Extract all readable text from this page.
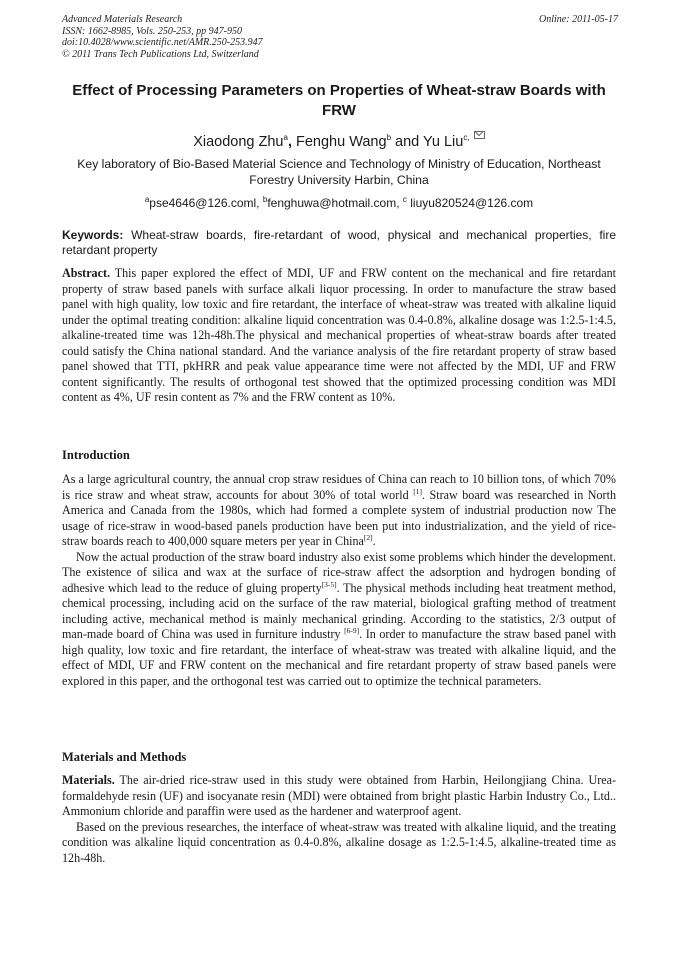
Advanced Materials Research
ISSN: 1662-8985, Vols. 250-253, pp 947-950
doi:10.4028/www.scientific.net/AMR.250-253.947
© 2011 Trans Tech Publications Ltd, Switzerland
Online: 2011-05-17
Effect of Processing Parameters on Properties of Wheat-straw Boards with FRW
Xiaodong Zhu$^a$, Fenghu Wang$^b$ and Yu Liu$^{c,}$
Key laboratory of Bio-Based Material Science and Technology of Ministry of Education, Northeast Forestry University Harbin, China
$^a$pse4646@126.coml, $^b$fenghuwa@hotmail.com, $^c$ liuyu820524@126.com
Keywords: Wheat-straw boards, fire-retardant of wood, physical and mechanical properties, fire retardant property

Abstract. This paper explored the effect of MDI, UF and FRW content on the mechanical and fire retardant property of straw based panels with surface alkali liquor processing. In order to manufacture the straw based panel with high quality, low toxic and fire retardant, the interface of wheat-straw was treated with alkaline liquid under the optimal treating condition: alkaline liquid concentration was 0.4-0.8%, alkaline dosage was 1:2.5-1:4.5, alkaline-treated time was 12h-48h.The physical and mechanical properties of wheat-straw boards after treated could satisfy the China national standard. And the variance analysis of the fire retardant property of straw based panel showed that TTI, pkHRR and peak value appearance time were not affected by the MDI, UF and FRW content significantly. The results of orthogonal test showed that the optimized processing condition was MDI content as 4%, UF resin content as 7% and the FRW content as 10%.

Introduction

As a large agricultural country, the annual crop straw residues of China can reach to 10 billion tons, of which 70% is rice straw and wheat straw, accounts for about 30% of total world [1]. Straw board was researched in North America and Canada from the 1980s, which had formed a complete system of industrial production now The usage of rice-straw in wood-based panels production have been put into industrialization, and the yield of rice-straw boards reach to 400,000 square meters per year in China[2].

Now the actual production of the straw board industry also exist some problems which hinder the development. The existence of silica and wax at the surface of rice-straw affect the adsorption and hydrogen bonding of adhesive which lead to the reduce of gluing property[3-5]. The physical methods including heat treatment method, chemical processing, including acid on the surface of the raw material, biological grafting method of treatment including active, mechanical method is mainly mechanical grinding. According to the statistics, 2/3 output of man-made board of China was used in furniture industry [6-9]. In order to manufacture the straw based panel with high quality, low toxic and fire retardant, the interface of wheat-straw was treated with alkaline liquid, and the effect of MDI, UF and FRW content on the mechanical and fire retardant property of straw based panels were explored in this paper, and the orthogonal test was carried out to optimize the technical parameters.

Materials and Methods

Materials. The air-dried rice-straw used in this study were obtained from Harbin, Heilongjiang China. Urea-formaldehyde resin (UF) and isocyanate resin (MDI) were obtained from bright plastic Harbin Industry Co., Ltd.. Ammonium chloride and paraffin were used as the hardener and waterproof agent.

Based on the previous researches, the interface of wheat-straw was treated with alkaline liquid, and the treating condition was alkaline liquid concentration as 0.4-0.8%, alkaline dosage as 1:2.5-1:4.5, alkaline-treated time as 12h-48h.
